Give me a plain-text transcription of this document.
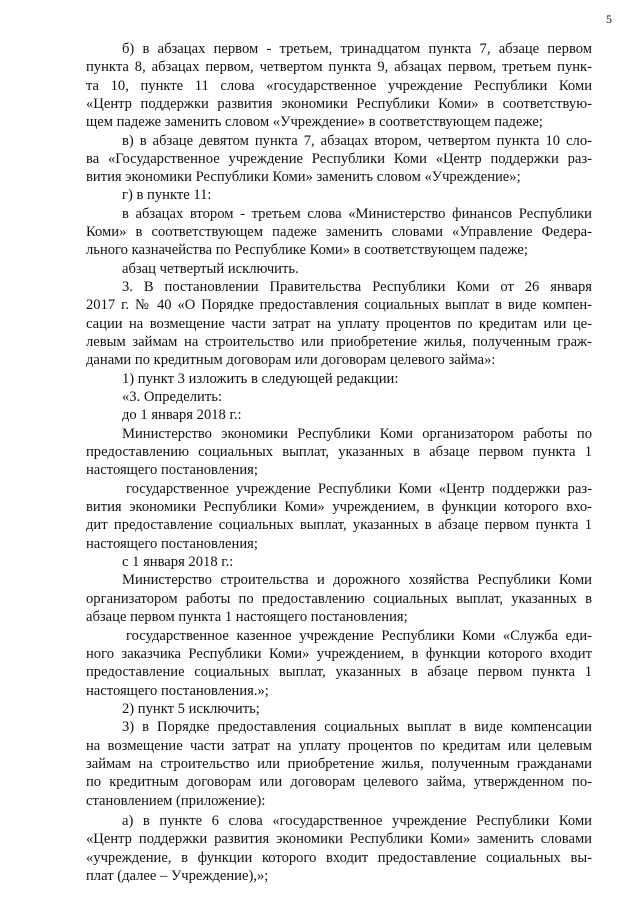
5
б) в абзацах первом - третьем, тринадцатом пункта 7, абзаце первом
пункта 8, абзацах первом, четвертом пункта 9, абзацах первом, третьем пунк-
та 10, пункте 11 слова «государственное учреждение Республики Коми
«Центр поддержки развития экономики Республики Коми» в соответствую-
щем падеже заменить словом «Учреждение» в соответствующем падеже;
в) в абзаце девятом пункта 7, абзацах втором, четвертом пункта 10 сло-
ва «Государственное учреждение Республики Коми «Центр поддержки раз-
вития экономики Республики Коми» заменить словом «Учреждение»;
г) в пункте 11:
в абзацах втором - третьем слова «Министерство финансов Республики
Коми» в соответствующем падеже заменить словами «Управление Федера-
льного казначейства по Республике Коми» в соответствующем падеже;
абзац четвертый исключить.
3. В постановлении Правительства Республики Коми от 26 января
2017 г. № 40 «О Порядке предоставления социальных выплат в виде компен-
сации на возмещение части затрат на уплату процентов по кредитам или це-
левым займам на строительство или приобретение жилья, полученным граж-
данами по кредитным договорам или договорам целевого займа»:
1) пункт 3 изложить в следующей редакции:
«3. Определить:
до 1 января 2018 г.:
Министерство экономики Республики Коми организатором работы по
предоставлению социальных выплат, указанных в абзаце первом пункта 1
настоящего постановления;
государственное учреждение Республики Коми «Центр поддержки раз-
вития экономики Республики Коми» учреждением, в функции которого вхо-
дит предоставление социальных выплат, указанных в абзаце первом пункта 1
настоящего постановления;
с 1 января 2018 г.:
Министерство строительства и дорожного хозяйства Республики Коми
организатором работы по предоставлению социальных выплат, указанных в
абзаце первом пункта 1 настоящего постановления;
государственное казенное учреждение Республики Коми «Служба еди-
ного заказчика Республики Коми» учреждением, в функции которого входит
предоставление социальных выплат, указанных в абзаце первом пункта 1
настоящего постановления.»;
2) пункт 5 исключить;
3) в Порядке предоставления социальных выплат в виде компенсации
на возмещение части затрат на уплату процентов по кредитам или целевым
займам на строительство или приобретение жилья, полученным гражданами
по кредитным договорам или договорам целевого займа, утвержденном по-
становлением (приложение):
а) в пункте 6 слова «государственное учреждение Республики Коми
«Центр поддержки развития экономики Республики Коми» заменить словами
«учреждение, в функции которого входит предоставление социальных вы-
плат (далее – Учреждение),»;
